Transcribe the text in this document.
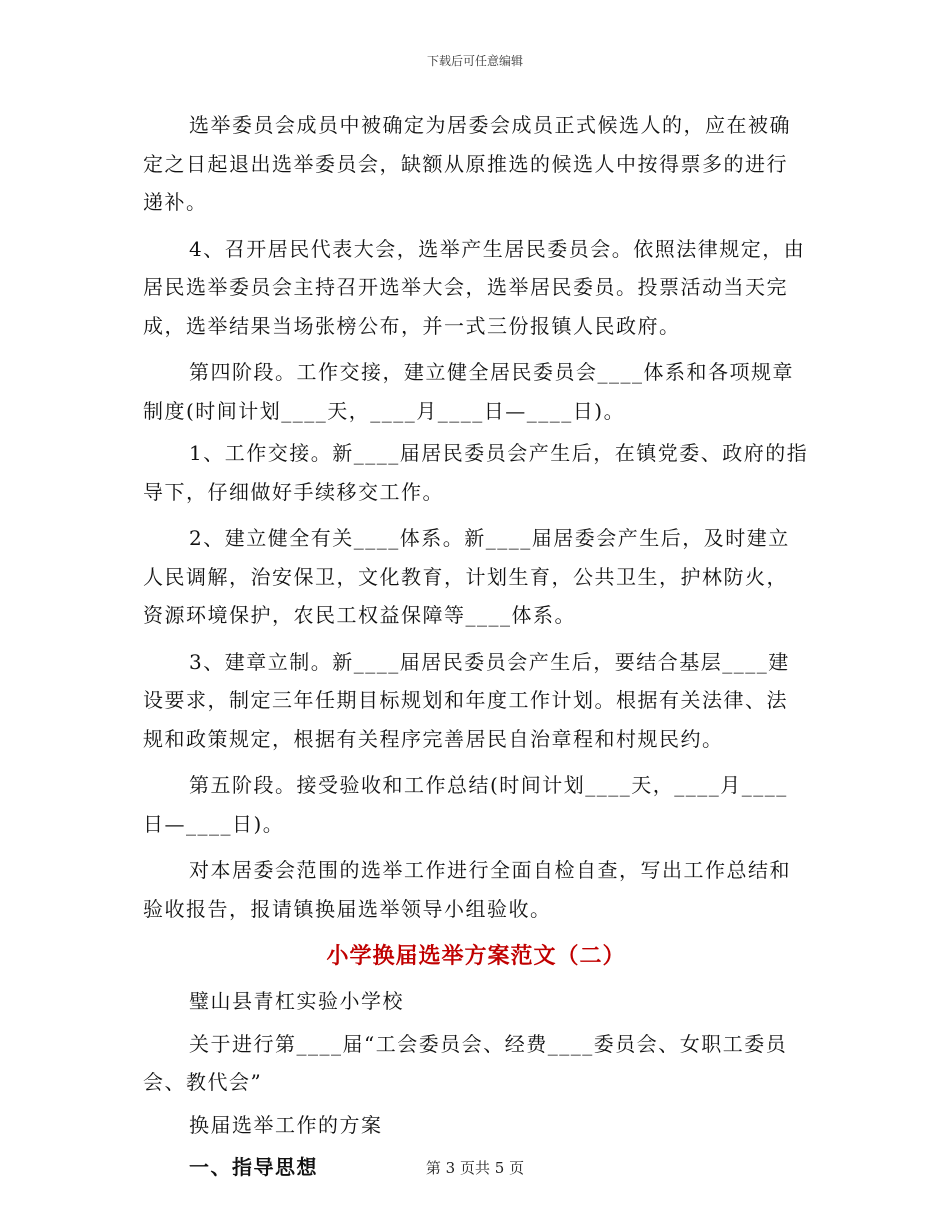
下载后可任意编辑

选举委员会成员中被确定为居委会成员正式候选人的，应在被确定之日起退出选举委员会，缺额从原推选的候选人中按得票多的进行递补。

4、召开居民代表大会，选举产生居民委员会。依照法律规定，由居民选举委员会主持召开选举大会，选举居民委员。投票活动当天完成，选举结果当场张榜公布，并一式三份报镇人民政府。

第四阶段。工作交接，建立健全居民委员会____体系和各项规章制度(时间计划____天，____月____日—____日)。

1、工作交接。新____届居民委员会产生后，在镇党委、政府的指导下，仔细做好手续移交工作。

2、建立健全有关____体系。新____届居委会产生后，及时建立人民调解，治安保卫，文化教育，计划生育，公共卫生，护林防火，资源环境保护，农民工权益保障等____体系。

3、建章立制。新____届居民委员会产生后，要结合基层____建设要求，制定三年任期目标规划和年度工作计划。根据有关法律、法规和政策规定，根据有关程序完善居民自治章程和村规民约。

第五阶段。接受验收和工作总结(时间计划____天，____月____日—____日)。

对本居委会范围的选举工作进行全面自检自查，写出工作总结和验收报告，报请镇换届选举领导小组验收。

小学换届选举方案范文（二）

璧山县青杠实验小学校

关于进行第____届“工会委员会、经费____委员会、女职工委员会、教代会”

换届选举工作的方案

一、指导思想	第 3 页共 5 页
